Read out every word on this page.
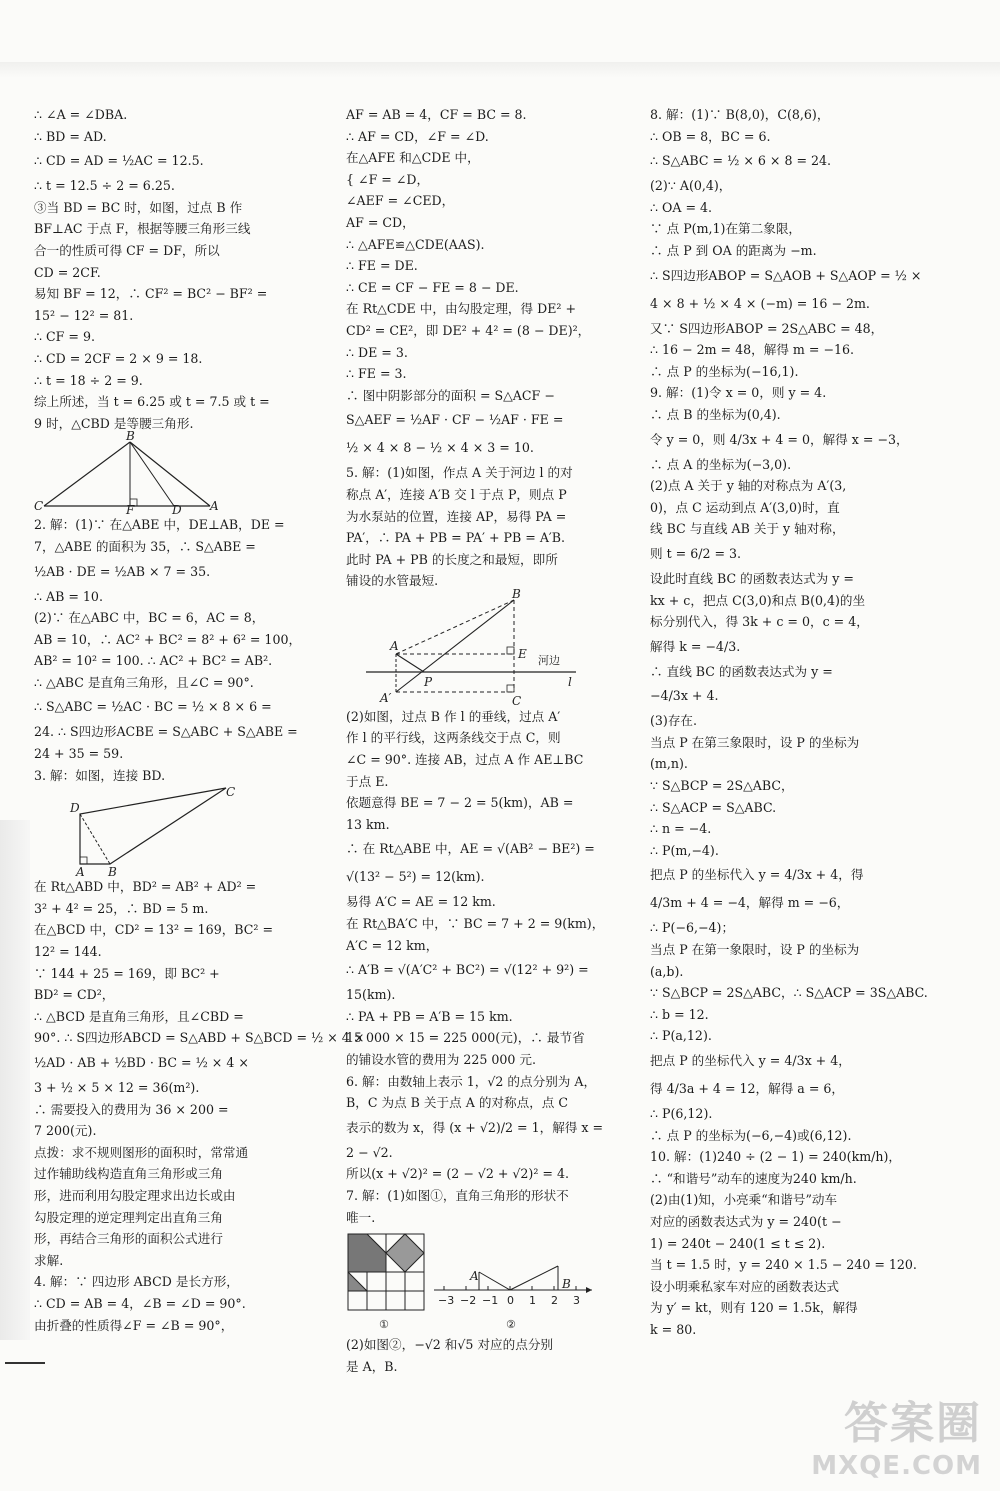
∴ ∠A = ∠DBA.
∴ BD = AD.
∴ CD = AD = ½AC = 12.5.
∴ t = 12.5 ÷ 2 = 6.25.
③当 BD = BC 时，如图，过点 B 作
BF⊥AC 于点 F，根据等腰三角形三线
合一的性质可得 CF = DF，所以
CD = 2CF.
易知 BF = 12，∴ CF² = BC² − BF² =
15² − 12² = 81.
∴ CF = 9.
∴ CD = 2CF = 2 × 9 = 18.
∴ t = 18 ÷ 2 = 9.
综上所述，当 t = 6.25 或 t = 7.5 或 t =
9 时，△CBD 是等腰三角形.
B
C	F	D A
2. 解：(1)∵ 在△ABE 中，DE⊥AB，DE =
7，△ABE 的面积为 35，∴ S△ABE =
½AB · DE = ½AB × 7 = 35.
∴ AB = 10.
(2)∵ 在△ABC 中，BC = 6，AC = 8，
AB = 10，∴ AC² + BC² = 8² + 6² = 100，
AB² = 10² = 100. ∴ AC² + BC² = AB².
∴ △ABC 是直角三角形，且∠C = 90°.
∴ S△ABC = ½AC · BC = ½ × 8 × 6 =
24. ∴ S四边形ACBE = S△ABC + S△ABE =
24 + 35 = 59.
3. 解：如图，连接 BD.
D
C
A B
在 Rt△ABD 中，BD² = AB² + AD² =
3² + 4² = 25，∴ BD = 5 m.
在△BCD 中，CD² = 13² = 169，BC² =
12² = 144.
∵ 144 + 25 = 169，即 BC² +
BD² = CD²，
∴ △BCD 是直角三角形，且∠CBD =
90°. ∴ S四边形ABCD = S△ABD + S△BCD = ½ × 4 ×
½AD · AB + ½BD · BC = ½ × 4 ×
3 + ½ × 5 × 12 = 36(m²).
∴ 需要投入的费用为 36 × 200 =
7 200(元).
点拨：求不规则图形的面积时，常常通
过作辅助线构造直角三角形或三角
形，进而利用勾股定理求出边长或由
勾股定理的逆定理判定出直角三角
形，再结合三角形的面积公式进行
求解.
4. 解：∵ 四边形 ABCD 是长方形，
∴ CD = AB = 4，∠B = ∠D = 90°.
由折叠的性质得∠F = ∠B = 90°，
AF = AB = 4，CF = BC = 8.
∴ AF = CD，∠F = ∠D.
在△AFE 和△CDE 中，
{ ∠F = ∠D，
∠AEF = ∠CED，
AF = CD，
∴ △AFE≌△CDE(AAS).
∴ FE = DE.
∴ CE = CF − FE = 8 − DE.
在 Rt△CDE 中，由勾股定理，得 DE² +
CD² = CE²，即 DE² + 4² = (8 − DE)²，
∴ DE = 3.
∴ FE = 3.
∴ 图中阴影部分的面积 = S△ACF −
S△AEF = ½AF · CF − ½AF · FE =
½ × 4 × 8 − ½ × 4 × 3 = 10.
5. 解：(1)如图，作点 A 关于河边 l 的对
称点 A′，连接 A′B 交 l 于点 P，则点 P
为水泵站的位置，连接 AP，易得 PA =
PA′，∴ PA + PB = PA′ + PB = A′B.
此时 PA + PB 的长度之和最短，即所
铺设的水管最短.
B
A
E 河边
P	l
A′	C
(2)如图，过点 B 作 l 的垂线，过点 A′
作 l 的平行线，这两条线交于点 C，则
∠C = 90°. 连接 AB，过点 A 作 AE⊥BC
于点 E.
依题意得 BE = 7 − 2 = 5(km)，AB =
13 km.
∴ 在 Rt△ABE 中，AE = √(AB² − BE²) =
√(13² − 5²) = 12(km).
易得 A′C = AE = 12 km.
在 Rt△BA′C 中，∵ BC = 7 + 2 = 9(km)，
A′C = 12 km，
∴ A′B = √(A′C² + BC²) = √(12² + 9²) =
15(km).
∴ PA + PB = A′B = 15 km.
15 000 × 15 = 225 000(元)，∴ 最节省
的铺设水管的费用为 225 000 元.
6. 解：由数轴上表示 1，√2 的点分别为 A，
B，C 为点 B 关于点 A 的对称点，点 C
表示的数为 x，得 (x + √2)/2 = 1，解得 x =
2 − √2.
所以(x + √2)² = (2 − √2 + √2)² = 4.
7. 解：(1)如图①，直角三角形的形状不
唯一.
①
−3 −2 −1 0 1 2 3
A
B
②
(2)如图②，−√2 和√5 对应的点分别
是 A，B.
8. 解：(1)∵ B(8,0)，C(8,6)，
∴ OB = 8，BC = 6.
∴ S△ABC = ½ × 6 × 8 = 24.
(2)∵ A(0,4)，
∴ OA = 4.
∵ 点 P(m,1)在第二象限，
∴ 点 P 到 OA 的距离为 −m.
∴ S四边形ABOP = S△AOB + S△AOP = ½ ×
4 × 8 + ½ × 4 × (−m) = 16 − 2m.
又∵ S四边形ABOP = 2S△ABC = 48，
∴ 16 − 2m = 48，解得 m = −16.
∴ 点 P 的坐标为(−16,1).
9. 解：(1)令 x = 0，则 y = 4.
∴ 点 B 的坐标为(0,4).
令 y = 0，则 4/3x + 4 = 0，解得 x = −3，
∴ 点 A 的坐标为(−3,0).
(2)点 A 关于 y 轴的对称点为 A′(3,
0)，点 C 运动到点 A′(3,0)时，直
线 BC 与直线 AB 关于 y 轴对称，
则 t = 6/2 = 3.
设此时直线 BC 的函数表达式为 y =
kx + c，把点 C(3,0)和点 B(0,4)的坐
标分别代入，得 3k + c = 0，c = 4，
解得 k = −4/3.
∴ 直线 BC 的函数表达式为 y =
−4/3x + 4.
(3)存在.
当点 P 在第三象限时，设 P 的坐标为
(m,n).
∵ S△BCP = 2S△ABC，
∴ S△ACP = S△ABC.
∴ n = −4.
∴ P(m,−4).
把点 P 的坐标代入 y = 4/3x + 4，得
4/3m + 4 = −4，解得 m = −6，
∴ P(−6,−4)；
当点 P 在第一象限时，设 P 的坐标为
(a,b).
∵ S△BCP = 2S△ABC，∴ S△ACP = 3S△ABC.
∴ b = 12.
∴ P(a,12).
把点 P 的坐标代入 y = 4/3x + 4，
得 4/3a + 4 = 12，解得 a = 6，
∴ P(6,12).
∴ 点 P 的坐标为(−6,−4)或(6,12).
10. 解：(1)240 ÷ (2 − 1) = 240(km/h)，
∴ “和谐号”动车的速度为240 km/h.
(2)由(1)知，小亮乘“和谐号”动车
对应的函数表达式为 y = 240(t −
1) = 240t − 240(1 ≤ t ≤ 2).
当 t = 1.5 时，y = 240 × 1.5 − 240 = 120.
设小明乘私家车对应的函数表达式
为 y′ = kt，则有 120 = 1.5k，解得
k = 80.
答案圈
MXQE.COM
